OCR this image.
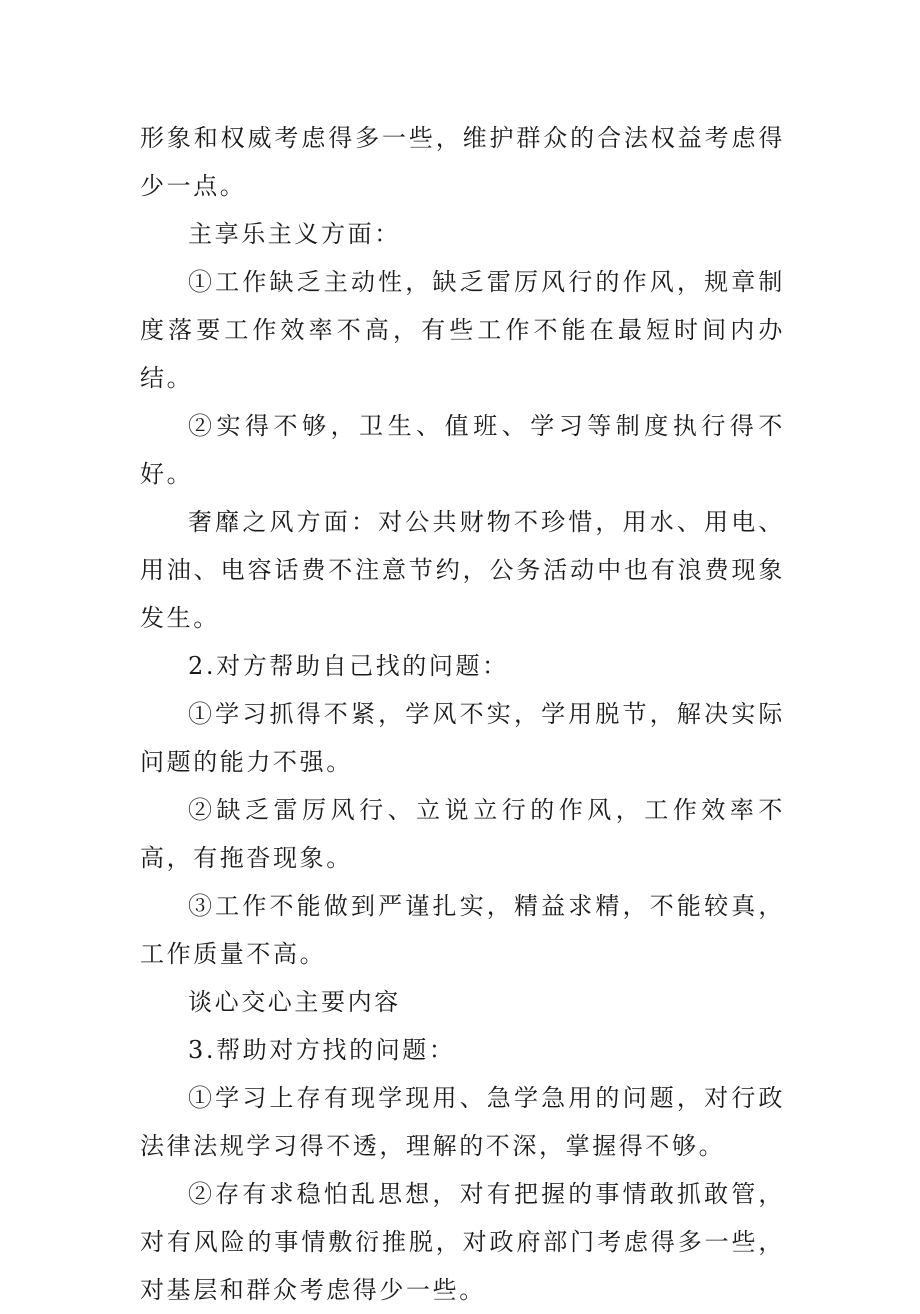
形象和权威考虑得多一些，维护群众的合法权益考虑得少一点。

主享乐主义方面：

①工作缺乏主动性，缺乏雷厉风行的作风，规章制度落要工作效率不高，有些工作不能在最短时间内办结。

②实得不够，卫生、值班、学习等制度执行得不好。

奢靡之风方面：对公共财物不珍惜，用水、用电、用油、电容话费不注意节约，公务活动中也有浪费现象发生。

2.对方帮助自己找的问题：

①学习抓得不紧，学风不实，学用脱节，解决实际问题的能力不强。

②缺乏雷厉风行、立说立行的作风，工作效率不高，有拖沓现象。

③工作不能做到严谨扎实，精益求精，不能较真，工作质量不高。

谈心交心主要内容

3.帮助对方找的问题：

①学习上存有现学现用、急学急用的问题，对行政法律法规学习得不透，理解的不深，掌握得不够。

②存有求稳怕乱思想，对有把握的事情敢抓敢管，对有风险的事情敷衍推脱，对政府部门考虑得多一些，对基层和群众考虑得少一些。
